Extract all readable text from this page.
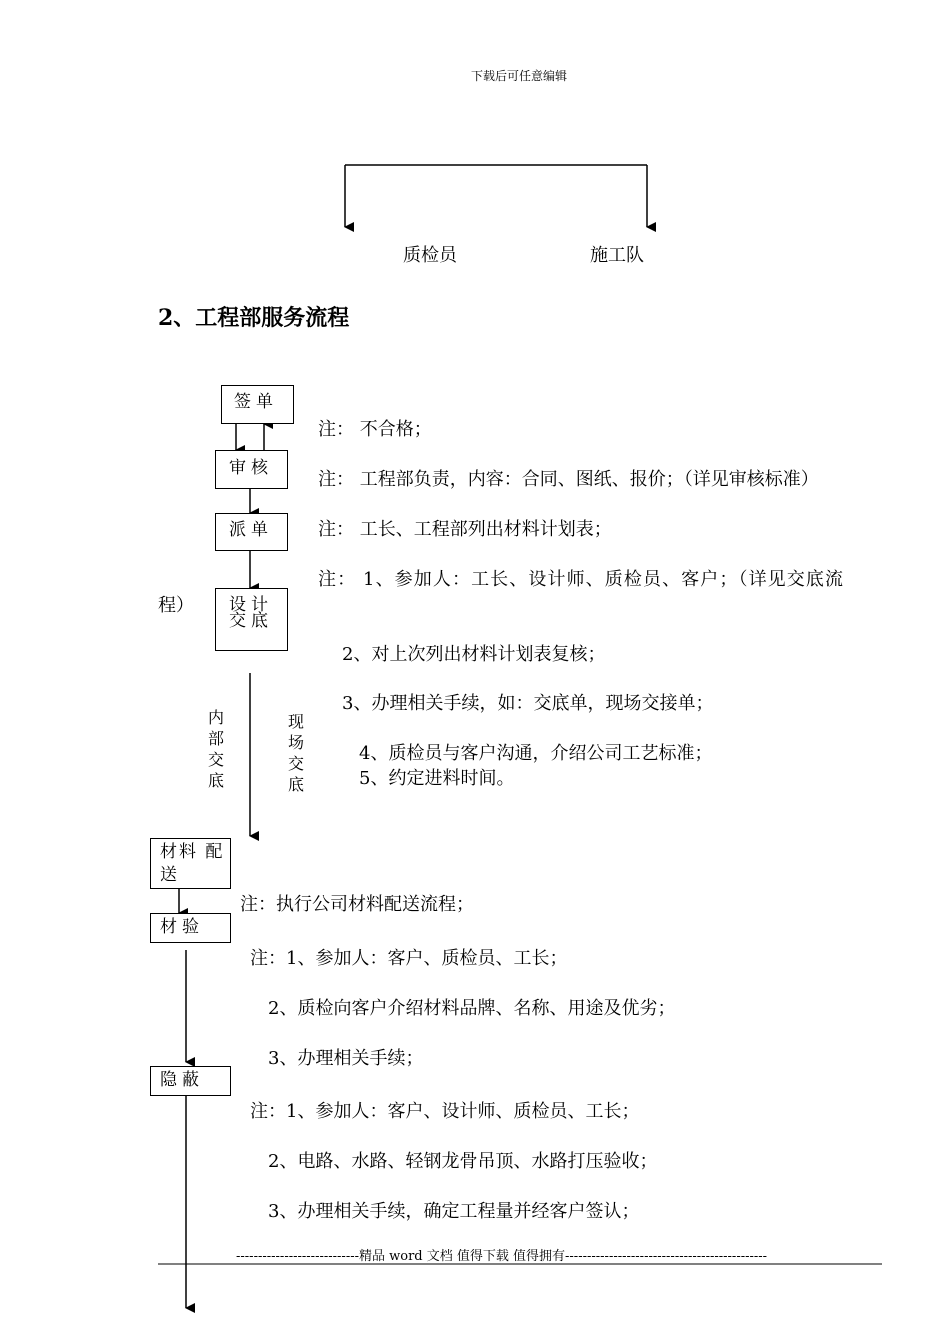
下载后可任意编辑
质检员	施工队
2、工程部服务流程
签单
审核
派单
设计
交底
材料 配
送
材验
隐蔽
内部交底
现场交底
注： 不合格；
注： 工程部负责，内容：合同、图纸、报价；（详见审核标准）
注： 工长、工程部列出材料计划表；
注： 1、参加人：工长、设计师、质检员、客户；（详见交底流
程）
2、对上次列出材料计划表复核；
3、办理相关手续，如：交底单，现场交接单；
4、质检员与客户沟通，介绍公司工艺标准；
5、约定进料时间。
注：执行公司材料配送流程；
注：1、参加人：客户、质检员、工长；
2、质检向客户介绍材料品牌、名称、用途及优劣；
3、办理相关手续；
注：1、参加人：客户、设计师、质检员、工长；
2、电路、水路、轻钢龙骨吊顶、水路打压验收；
3、办理相关手续，确定工程量并经客户签认；
----------------------------精品 word 文档 值得下载 值得拥有----------------------------------------------
